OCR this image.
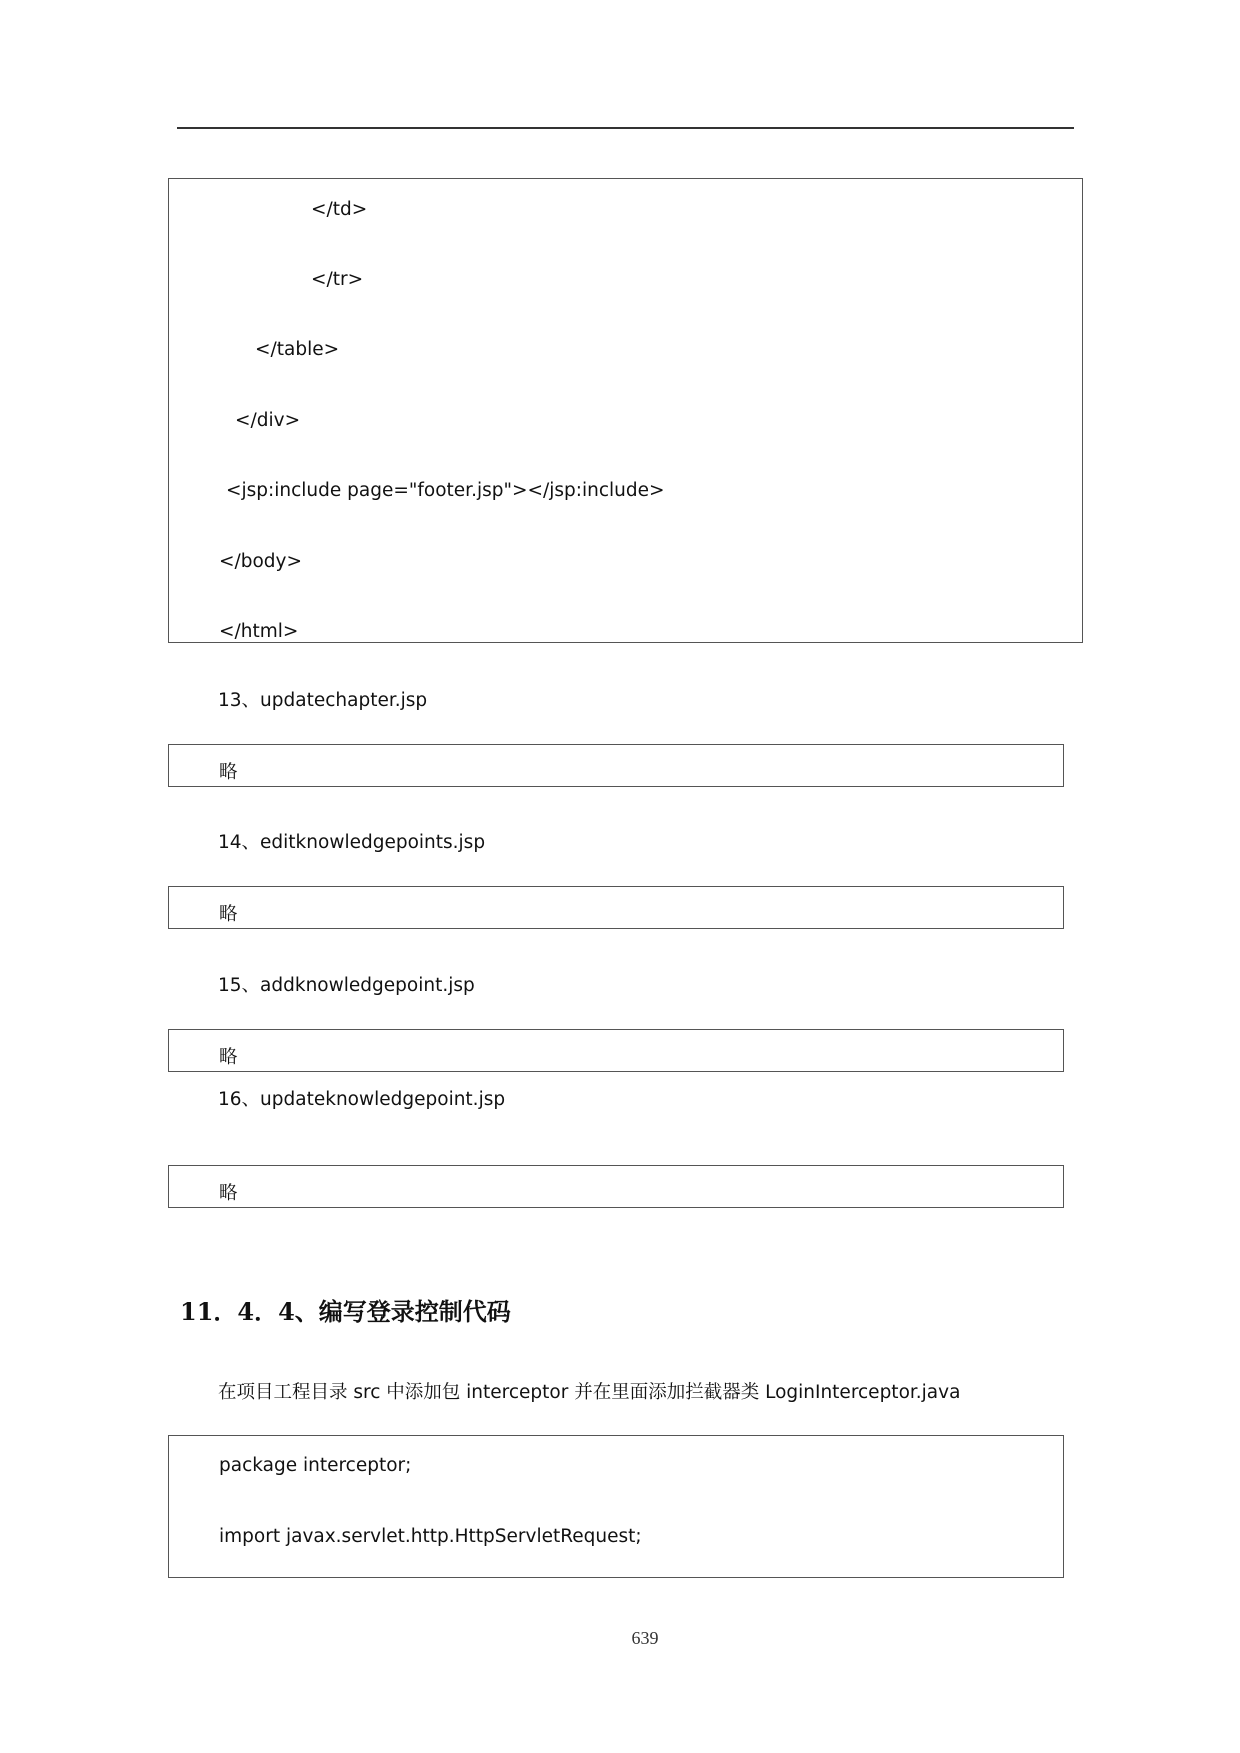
</td>
</tr>
</table>
</div>
<jsp:include page="footer.jsp"></jsp:include>
</body>
</html>
13、updatechapter.jsp
略
14、editknowledgepoints.jsp
略
15、addknowledgepoint.jsp
略
16、updateknowledgepoint.jsp
略
11．4．4、编写登录控制代码
在项目工程目录 src 中添加包 interceptor 并在里面添加拦截器类 LoginInterceptor.java
package interceptor;
import javax.servlet.http.HttpServletRequest;
639
